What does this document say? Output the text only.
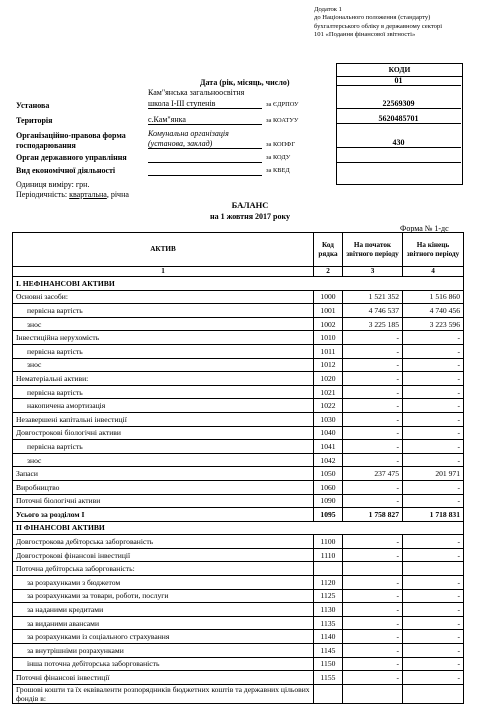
Додаток 1
до Національного положення (стандарту)
бухгалтерського обліку в державному секторі
101 «Подання фінансової звітності»
КОДИ
Дата (рік, місяць, число)	01
Установа
Кам"янська загальноосвітня
школа I-III ступенів	за ЄДРПОУ	22569309
Територія	с.Кам"янка	за КОАТУУ	5620485701
Організаційно-правова форма
господарювання
Комунальна організація
(установа, заклад)	за КОПФГ	430
Орган державного управління	за КОДУ
Вид економічної діяльності	за КВЕД
Одиниця виміру: грн.
Періодичність: квартальна, річна
БАЛАНС
на 1 жовтня 2017 року
Форма № 1-дс
АКТИВ	Код рядка	На початок звітного періоду	На кінець звітного періоду
1	2	3	4
I. НЕФІНАНСОВІ АКТИВИ			
Основні засоби:	1000	1 521 352	1 516 860
первісна вартість	1001	4 746 537	4 740 456
знос	1002	3 225 185	3 223 596
Інвестиційна нерухомість	1010	-	-
первісна вартість	1011	-	-
знос	1012	-	-
Нематеріальні активи:	1020	-	-
первісна вартість	1021	-	-
накопичена амортизація	1022	-	-
Незавершені капітальні інвестиції	1030	-	-
Довгострокові біологічні активи	1040	-	-
первісна вартість	1041	-	-
знос	1042	-	-
Запаси	1050	237 475	201 971
Виробництво	1060	-	-
Поточні біологічні активи	1090	-	-
Усього за розділом I	1095	1 758 827	1 718 831
II ФІНАНСОВІ АКТИВИ			
Довгострокова дебіторська заборгованість	1100	-	-
Довгострокові фінансові інвестиції	1110	-	-
Поточна дебіторська заборгованість:			
за розрахунками з бюджетом	1120	-	-
за розрахунками за товари, роботи, послуги	1125	-	-
за наданими кредитами	1130	-	-
за виданими авансами	1135	-	-
за розрахунками із соціального страхування	1140	-	-
за внутрішніми розрахунками	1145	-	-
інша поточна дебіторська заборгованість	1150	-	-
Поточні фінансові інвестиції	1155	-	-
Грошові кошти та їх еквіваленти розпорядників бюджетних коштів та державних цільових фондів в:			
